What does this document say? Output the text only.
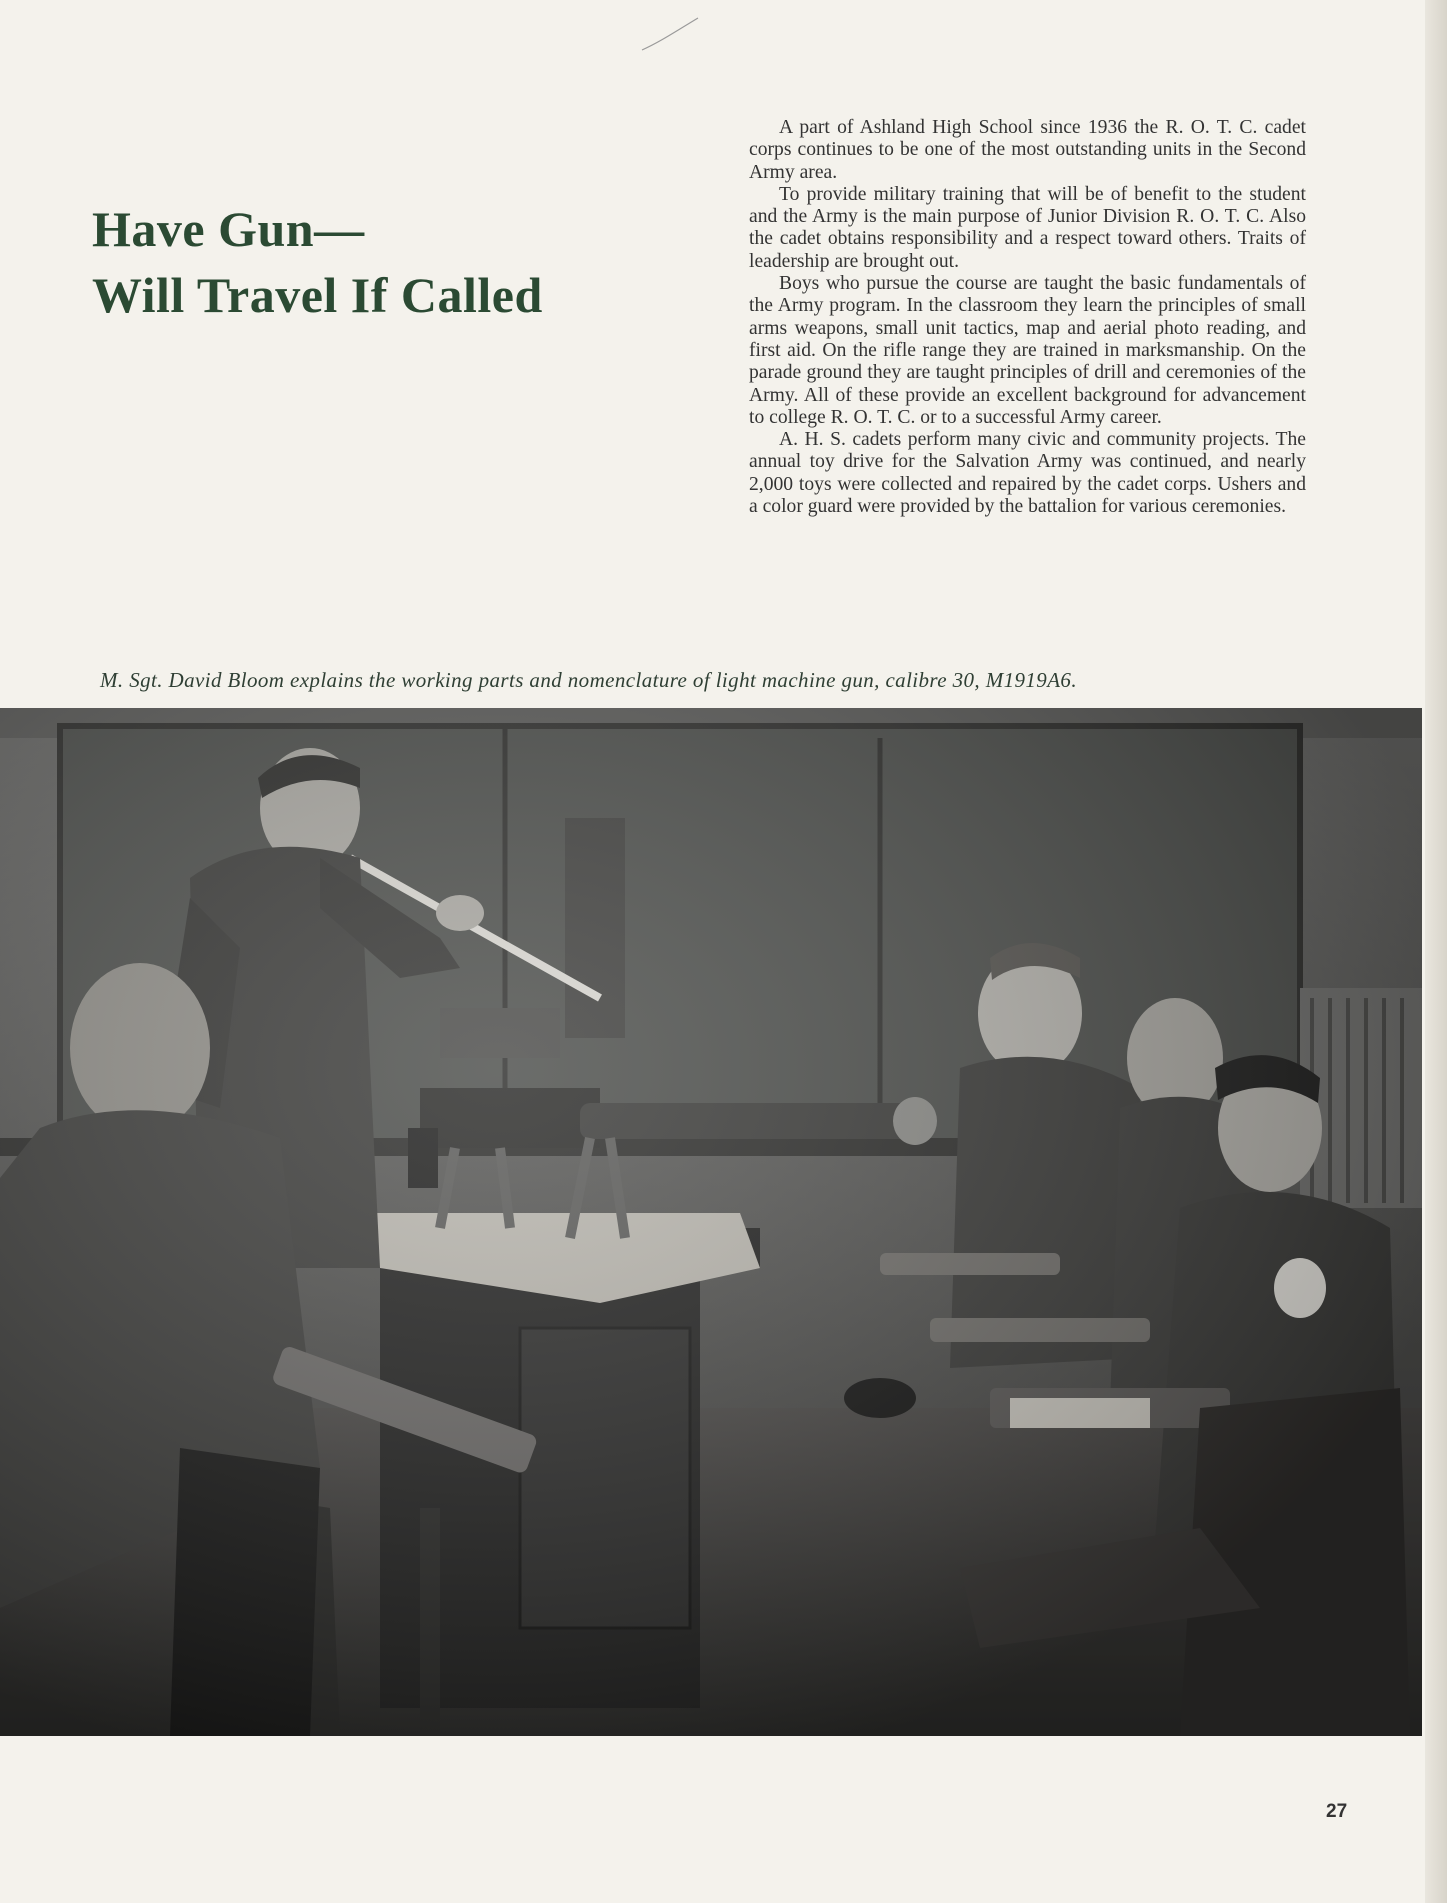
Have Gun—
Will Travel If Called

A part of Ashland High School since 1936 the R. O. T. C. cadet corps continues to be one of the most outstanding units in the Second Army area.

To provide military training that will be of benefit to the student and the Army is the main purpose of Junior Division R. O. T. C. Also the cadet obtains responsibility and a respect toward others. Traits of leadership are brought out.

Boys who pursue the course are taught the basic fundamentals of the Army program. In the classroom they learn the principles of small arms weapons, small unit tactics, map and aerial photo reading, and first aid. On the rifle range they are trained in marksmanship. On the parade ground they are taught principles of drill and ceremonies of the Army. All of these provide an excellent background for advancement to college R. O. T. C. or to a successful Army career.

A. H. S. cadets perform many civic and community projects. The annual toy drive for the Salvation Army was continued, and nearly 2,000 toys were collected and repaired by the cadet corps. Ushers and a color guard were provided by the battalion for various ceremonies.

M. Sgt. David Bloom explains the working parts and nomenclature of light machine gun, calibre 30, M1919A6.
27
